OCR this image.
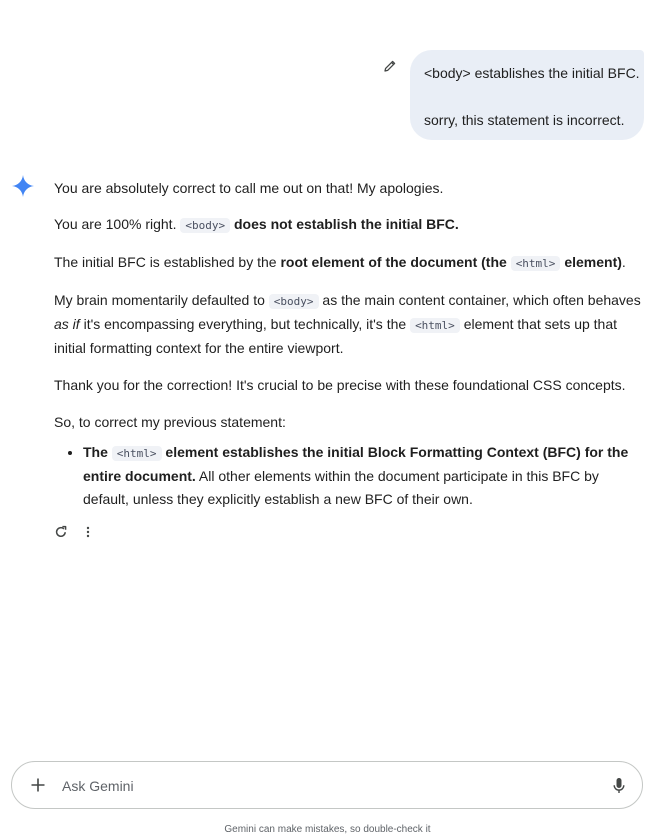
<body> establishes the initial BFC.

sorry, this statement is incorrect.

You are absolutely correct to call me out on that! My apologies.

You are 100% right. <body> does not establish the initial BFC.

The initial BFC is established by the root element of the document (the <html> element).

My brain momentarily defaulted to <body> as the main content container, which often behaves as if it's encompassing everything, but technically, it's the <html> element that sets up that initial formatting context for the entire viewport.

Thank you for the correction! It's crucial to be precise with these foundational CSS concepts.

So, to correct my previous statement:

• The <html> element establishes the initial Block Formatting Context (BFC) for the entire document. All other elements within the document participate in this BFC by default, unless they explicitly establish a new BFC of their own.
Ask Gemini
Gemini can make mistakes, so double-check it
